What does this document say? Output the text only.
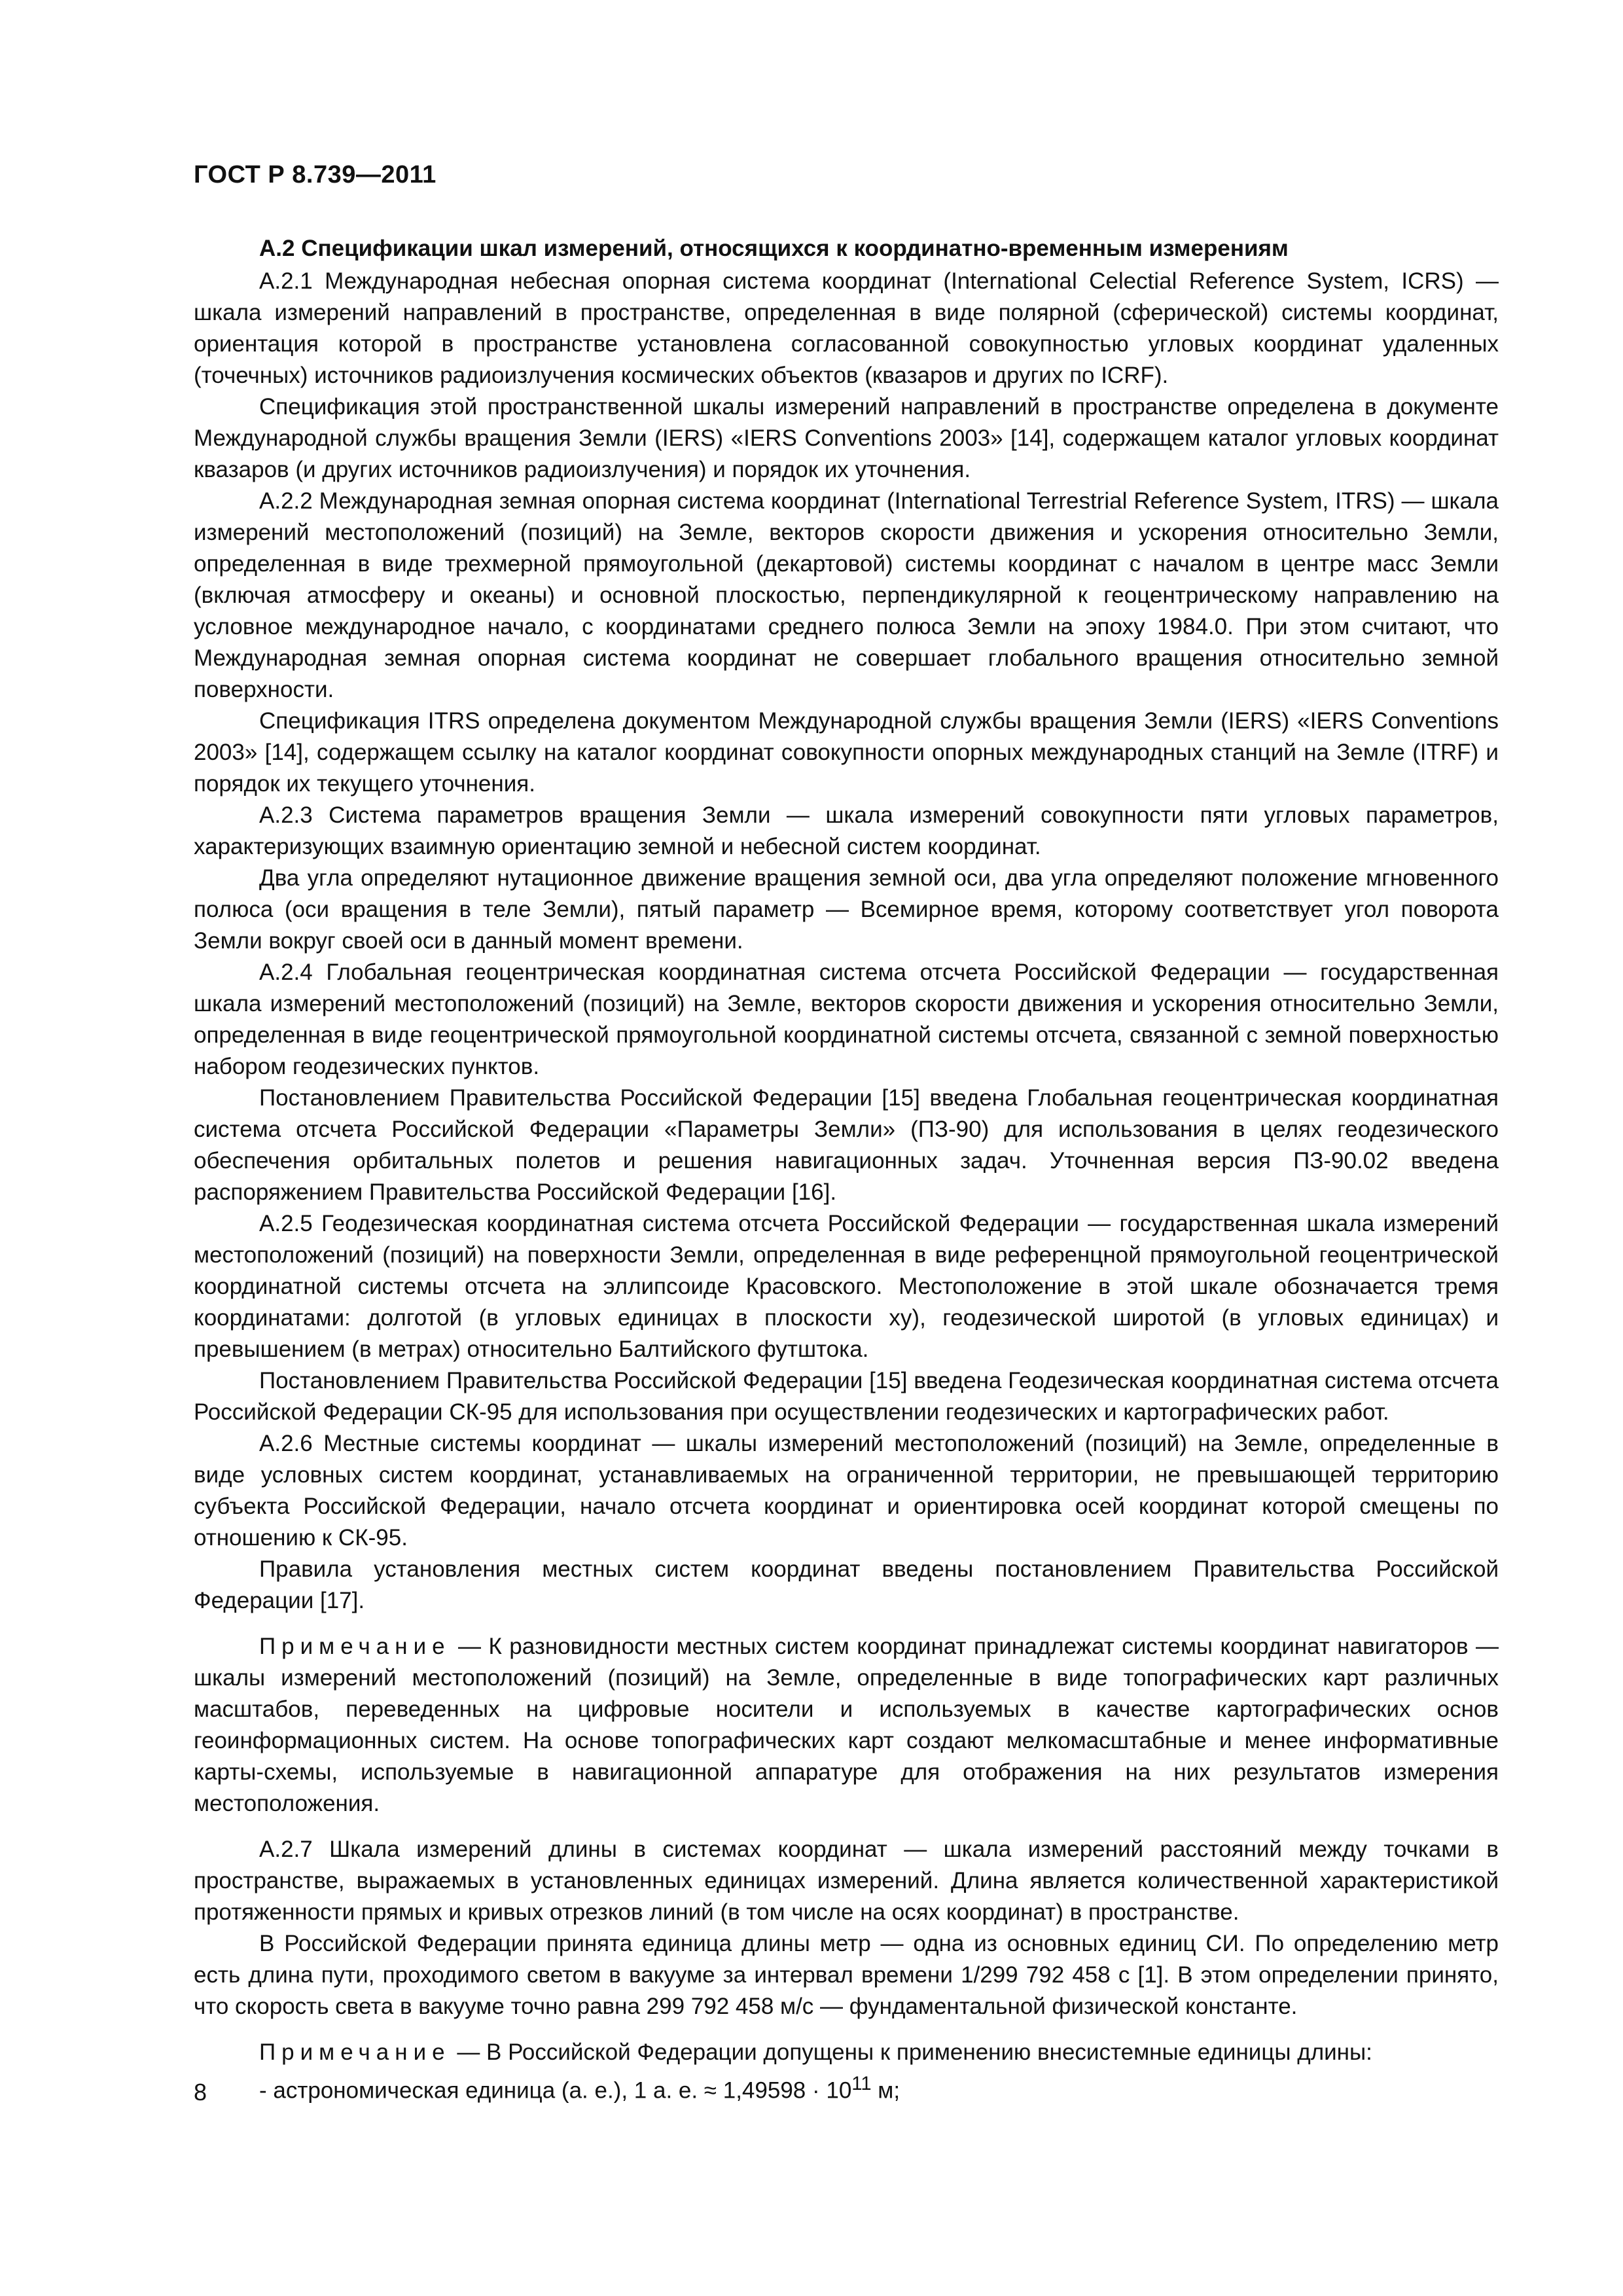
ГОСТ Р 8.739—2011
А.2 Спецификации шкал измерений, относящихся к координатно-временным измерениям

А.2.1 Международная небесная опорная система координат (International Celectial Reference System, ICRS) — шкала измерений направлений в пространстве, определенная в виде полярной (сферической) системы координат, ориентация которой в пространстве установлена согласованной совокупностью угловых координат удаленных (точечных) источников радиоизлучения космических объектов (квазаров и других по ICRF).

Спецификация этой пространственной шкалы измерений направлений в пространстве определена в документе Международной службы вращения Земли (IERS) «IERS Conventions 2003» [14], содержащем каталог угловых координат квазаров (и других источников радиоизлучения) и порядок их уточнения.

А.2.2 Международная земная опорная система координат (International Terrestrial Reference System, ITRS) — шкала измерений местоположений (позиций) на Земле, векторов скорости движения и ускорения относительно Земли, определенная в виде трехмерной прямоугольной (декартовой) системы координат с началом в центре масс Земли (включая атмосферу и океаны) и основной плоскостью, перпендикулярной к геоцентрическому направлению на условное международное начало, с координатами среднего полюса Земли на эпоху 1984.0. При этом считают, что Международная земная опорная система координат не совершает глобального вращения относительно земной поверхности.

Спецификация ITRS определена документом Международной службы вращения Земли (IERS) «IERS Conventions 2003» [14], содержащем ссылку на каталог координат совокупности опорных международных станций на Земле (ITRF) и порядок их текущего уточнения.

А.2.3 Система параметров вращения Земли — шкала измерений совокупности пяти угловых параметров, характеризующих взаимную ориентацию земной и небесной систем координат.

Два угла определяют нутационное движение вращения земной оси, два угла определяют положение мгновенного полюса (оси вращения в теле Земли), пятый параметр — Всемирное время, которому соответствует угол поворота Земли вокруг своей оси в данный момент времени.

А.2.4 Глобальная геоцентрическая координатная система отсчета Российской Федерации — государственная шкала измерений местоположений (позиций) на Земле, векторов скорости движения и ускорения относительно Земли, определенная в виде геоцентрической прямоугольной координатной системы отсчета, связанной с земной поверхностью набором геодезических пунктов.

Постановлением Правительства Российской Федерации [15] введена Глобальная геоцентрическая координатная система отсчета Российской Федерации «Параметры Земли» (ПЗ-90) для использования в целях геодезического обеспечения орбитальных полетов и решения навигационных задач. Уточненная версия ПЗ-90.02 введена распоряжением Правительства Российской Федерации [16].

А.2.5 Геодезическая координатная система отсчета Российской Федерации — государственная шкала измерений местоположений (позиций) на поверхности Земли, определенная в виде референцной прямоугольной геоцентрической координатной системы отсчета на эллипсоиде Красовского. Местоположение в этой шкале обозначается тремя координатами: долготой (в угловых единицах в плоскости ху), геодезической широтой (в угловых единицах) и превышением (в метрах) относительно Балтийского футштока.

Постановлением Правительства Российской Федерации [15] введена Геодезическая координатная система отсчета Российской Федерации СК-95 для использования при осуществлении геодезических и картографических работ.

А.2.6 Местные системы координат — шкалы измерений местоположений (позиций) на Земле, определенные в виде условных систем координат, устанавливаемых на ограниченной территории, не превышающей территорию субъекта Российской Федерации, начало отсчета координат и ориентировка осей координат которой смещены по отношению к СК-95.

Правила установления местных систем координат введены постановлением Правительства Российской Федерации [17].

Примечание — К разновидности местных систем координат принадлежат системы координат навигаторов — шкалы измерений местоположений (позиций) на Земле, определенные в виде топографических карт различных масштабов, переведенных на цифровые носители и используемых в качестве картографических основ геоинформационных систем. На основе топографических карт создают мелкомасштабные и менее информативные карты-схемы, используемые в навигационной аппаратуре для отображения на них результатов измерения местоположения.

А.2.7 Шкала измерений длины в системах координат — шкала измерений расстояний между точками в пространстве, выражаемых в установленных единицах измерений. Длина является количественной характеристикой протяженности прямых и кривых отрезков линий (в том числе на осях координат) в пространстве.

В Российской Федерации принята единица длины метр — одна из основных единиц СИ. По определению метр есть длина пути, проходимого светом в вакууме за интервал времени 1/299 792 458 с [1]. В этом определении принято, что скорость света в вакууме точно равна 299 792 458 м/с — фундаментальной физической константе.

Примечание — В Российской Федерации допущены к применению внесистемные единицы длины:

- астрономическая единица (а. е.), 1 а. е. ≈ $1,49598 \cdot 10^{11}$ м;

8
